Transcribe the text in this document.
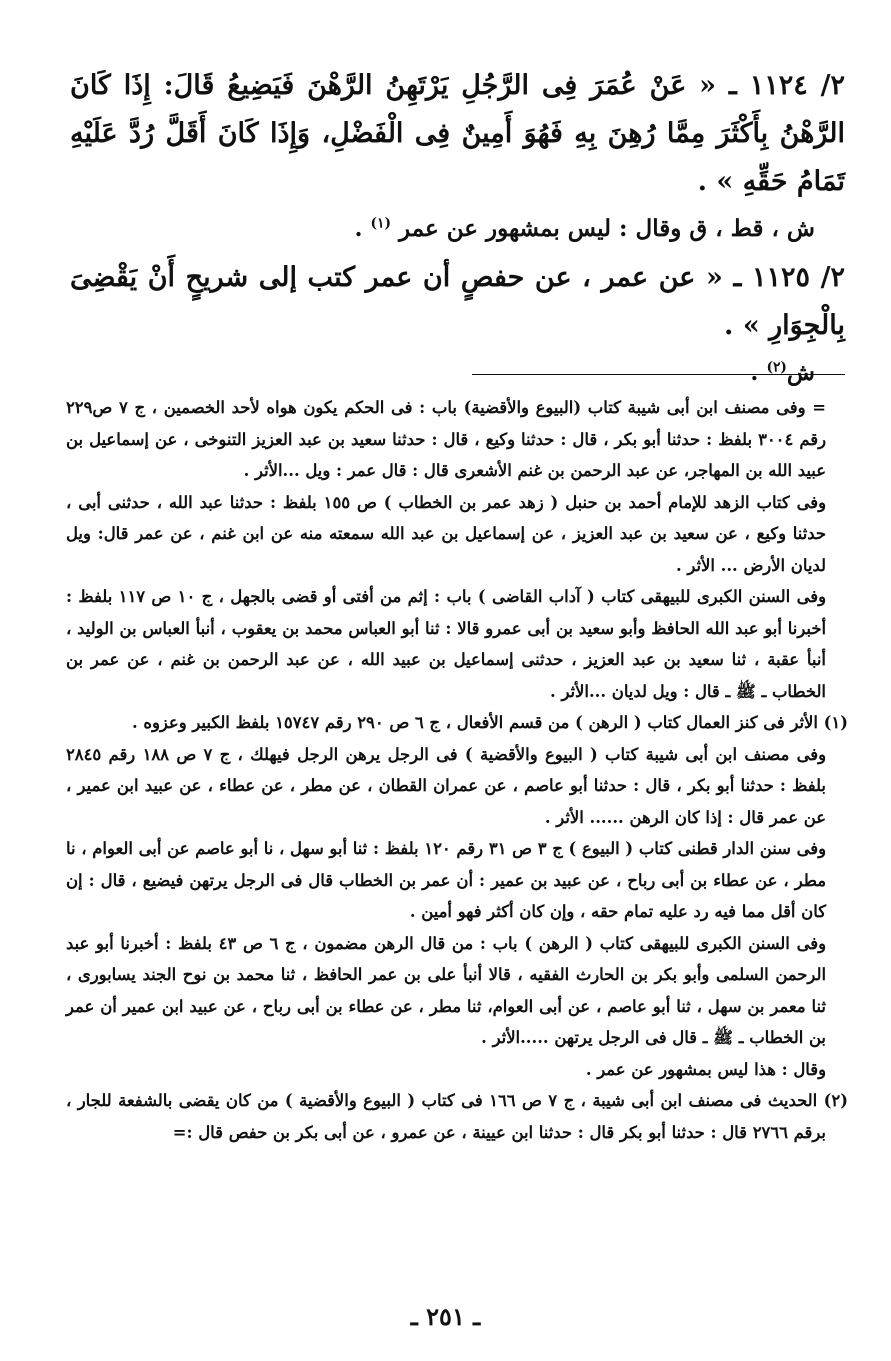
٢/ ١١٢٤ ـ « عَنْ عُمَرَ فِى الرَّجُلِ يَرْتَهِنُ الرَّهْنَ فَيَضِيعُ قَالَ: إِذَا كَانَ الرَّهْنُ بِأَكْثَرَ مِمَّا رُهِنَ بِهِ فَهُوَ أَمِينٌ فِى الْفَضْلِ، وَإِذَا كَانَ أَقَلَّ رُدَّ عَلَيْهِ تَمَامُ حَقِّهِ » .

ش ، قط ، ق وقال : ليس بمشهور عن عمر $^{(١)}$ .

٢/ ١١٢٥ ـ « عن عمر ، عن حفصٍ أن عمر كتب إلى شريحٍ أَنْ يَقْضِىَ بِالْجِوَارِ » .

ش$^{(٢)}$ .

= وفى مصنف ابن أبى شيبة كتاب (البيوع والأقضية) باب : فى الحكم يكون هواه لأحد الخصمين ، ج ٧ ص٢٢٩ رقم ٣٠٠٤ بلفظ : حدثنا أبو بكر ، قال : حدثنا وكيع ، قال : حدثنا سعيد بن عبد العزيز التنوخى ، عن إسماعيل بن عبيد الله بن المهاجر، عن عبد الرحمن بن غنم الأشعرى قال : قال عمر : ويل ...الأثر .

وفى كتاب الزهد للإمام أحمد بن حنبل ( زهد عمر بن الخطاب ) ص ١٥٥ بلفظ : حدثنا عبد الله ، حدثنى أبى ، حدثنا وكيع ، عن سعيد بن عبد العزيز ، عن إسماعيل بن عبد الله سمعته منه عن ابن غنم ، عن عمر قال: ويل لديان الأرض ... الأثر .

وفى السنن الكبرى للبيهقى كتاب ( آداب القاضى ) باب : إثم من أفتى أو قضى بالجهل ، ج ١٠ ص ١١٧ بلفظ : أخبرنا أبو عبد الله الحافظ وأبو سعيد بن أبى عمرو قالا : ثنا أبو العباس محمد بن يعقوب ، أنبأ العباس بن الوليد ، أنبأ عقبة ، ثنا سعيد بن عبد العزيز ، حدثنى إسماعيل بن عبيد الله ، عن عبد الرحمن بن غنم ، عن عمر بن الخطاب ـ ﷺ ـ قال : ويل لديان ...الأثر .

(١) الأثر فى كنز العمال كتاب ( الرهن ) من قسم الأفعال ، ج ٦ ص ٢٩٠ رقم ١٥٧٤٧ بلفظ الكبير وعزوه .

وفى مصنف ابن أبى شيبة كتاب ( البيوع والأقضية ) فى الرجل يرهن الرجل فيهلك ، ج ٧ ص ١٨٨ رقم ٢٨٤٥ بلفظ : حدثنا أبو بكر ، قال : حدثنا أبو عاصم ، عن عمران القطان ، عن مطر ، عن عطاء ، عن عبيد ابن عمير ، عن عمر قال : إذا كان الرهن ...... الأثر .

وفى سنن الدار قطنى كتاب ( البيوع ) ج ٣ ص ٣١ رقم ١٢٠ بلفظ : ثنا أبو سهل ، نا أبو عاصم عن أبى العوام ، نا مطر ، عن عطاء بن أبى رباح ، عن عبيد بن عمير : أن عمر بن الخطاب قال فى الرجل يرتهن فيضيع ، قال : إن كان أقل مما فيه رد عليه تمام حقه ، وإن كان أكثر فهو أمين .

وفى السنن الكبرى للبيهقى كتاب ( الرهن ) باب : من قال الرهن مضمون ، ج ٦ ص ٤٣ بلفظ : أخبرنا أبو عبد الرحمن السلمى وأبو بكر بن الحارث الفقيه ، قالا أنبأ على بن عمر الحافظ ، ثنا محمد بن نوح الجند يسابورى ، ثنا معمر بن سهل ، ثنا أبو عاصم ، عن أبى العوام، ثنا مطر ، عن عطاء بن أبى رباح ، عن عبيد ابن عمير أن عمر بن الخطاب ـ ﷺ ـ قال فى الرجل يرتهن .....الأثر .

وقال : هذا ليس بمشهور عن عمر .

(٢) الحديث فى مصنف ابن أبى شيبة ، ج ٧ ص ١٦٦ فى كتاب ( البيوع والأقضية ) من كان يقضى بالشفعة للجار ، برقم ٢٧٦٦ قال : حدثنا أبو بكر قال : حدثنا ابن عيينة ، عن عمرو ، عن أبى بكر بن حفص قال :=

ـ ٢٥١ ـ
